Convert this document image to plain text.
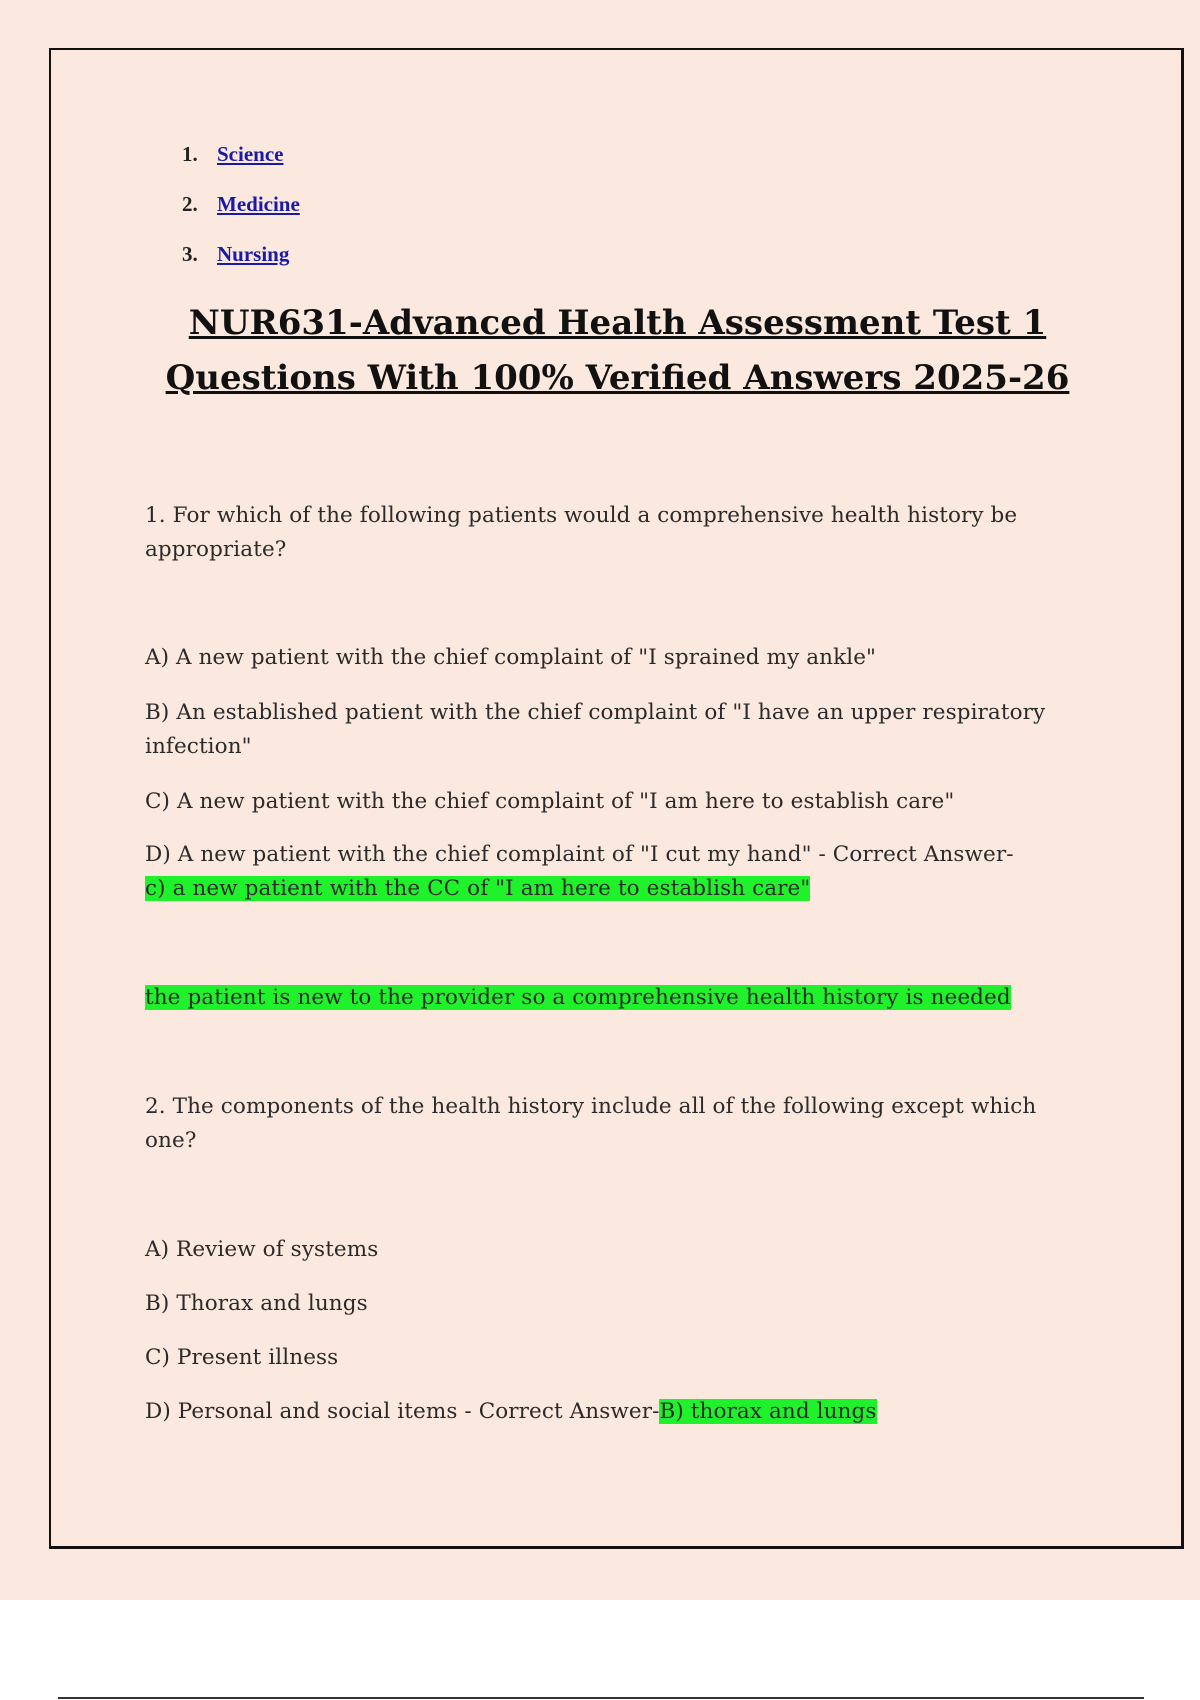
1. Science
2. Medicine
3. Nursing
NUR631-Advanced Health Assessment Test 1
Questions With 100% Verified Answers 2025-26

1. For which of the following patients would a comprehensive health history be appropriate?

A) A new patient with the chief complaint of "I sprained my ankle"

B) An established patient with the chief complaint of "I have an upper respiratory infection"

C) A new patient with the chief complaint of "I am here to establish care"

D) A new patient with the chief complaint of "I cut my hand" - Correct Answer-
c) a new patient with the CC of "I am here to establish care"

the patient is new to the provider so a comprehensive health history is needed

2. The components of the health history include all of the following except which one?

A) Review of systems

B) Thorax and lungs

C) Present illness

D) Personal and social items - Correct Answer-B) thorax and lungs
